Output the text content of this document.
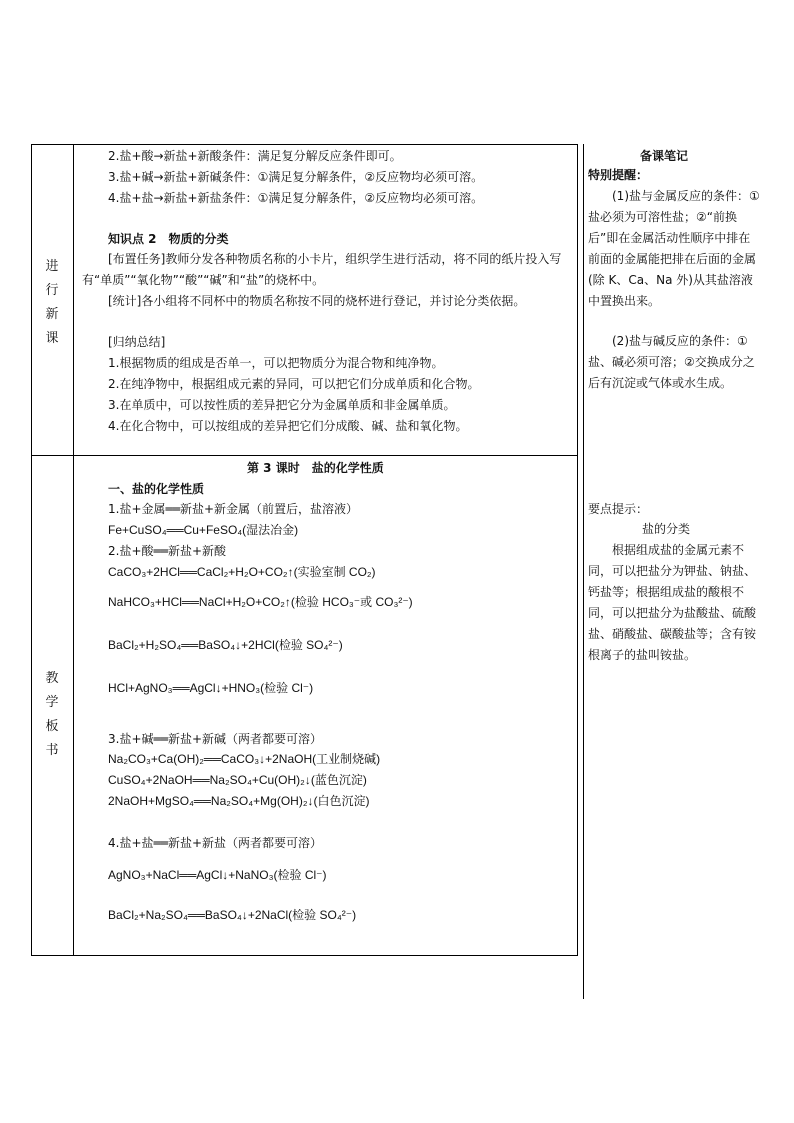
进
行
新
课
2.盐+酸→新盐+新酸条件：满足复分解反应条件即可。
3.盐+碱→新盐+新碱条件：①满足复分解条件，②反应物均必须可溶。
4.盐+盐→新盐+新盐条件：①满足复分解条件，②反应物均必须可溶。
知识点 2　物质的分类
[布置任务]教师分发各种物质名称的小卡片，组织学生进行活动，将不同的纸片投入写有“单质”“氧化物”“酸”“碱”和“盐”的烧杯中。
[统计]各小组将不同杯中的物质名称按不同的烧杯进行登记，并讨论分类依据。
[归纳总结]
1.根据物质的组成是否单一，可以把物质分为混合物和纯净物。
2.在纯净物中，根据组成元素的异同，可以把它们分成单质和化合物。
3.在单质中，可以按性质的差异把它分为金属单质和非金属单质。
4.在化合物中，可以按组成的差异把它们分成酸、碱、盐和氧化物。
教
学
板
书
第 3 课时　盐的化学性质
一、盐的化学性质
1.盐+金属══新盐+新金属（前置后，盐溶液）
Fe+CuSO₄══Cu+FeSO₄(湿法冶金)
2.盐+酸══新盐+新酸
CaCO₃+2HCl══CaCl₂+H₂O+CO₂↑(实验室制 CO₂)
NaHCO₃+HCl══NaCl+H₂O+CO₂↑(检验 HCO₃⁻或 CO₃²⁻)
BaCl₂+H₂SO₄══BaSO₄↓+2HCl(检验 SO₄²⁻)
HCl+AgNO₃══AgCl↓+HNO₃(检验 Cl⁻)
3.盐+碱══新盐+新碱（两者都要可溶）
Na₂CO₃+Ca(OH)₂══CaCO₃↓+2NaOH(工业制烧碱)
CuSO₄+2NaOH══Na₂SO₄+Cu(OH)₂↓(蓝色沉淀)
2NaOH+MgSO₄══Na₂SO₄+Mg(OH)₂↓(白色沉淀)
4.盐+盐══新盐+新盐（两者都要可溶）
AgNO₃+NaCl══AgCl↓+NaNO₃(检验 Cl⁻)
BaCl₂+Na₂SO₄══BaSO₄↓+2NaCl(检验 SO₄²⁻)
备课笔记
特别提醒：
(1)盐与金属反应的条件：①盐必须为可溶性盐；②“前换后”即在金属活动性顺序中排在前面的金属能把排在后面的金属(除 K、Ca、Na 外)从其盐溶液中置换出来。
(2)盐与碱反应的条件：①盐、碱必须可溶；②交换成分之后有沉淀或气体或水生成。
要点提示：
盐的分类
根据组成盐的金属元素不同，可以把盐分为钾盐、钠盐、钙盐等；根据组成盐的酸根不同，可以把盐分为盐酸盐、硫酸盐、硝酸盐、碳酸盐等；含有铵根离子的盐叫铵盐。
